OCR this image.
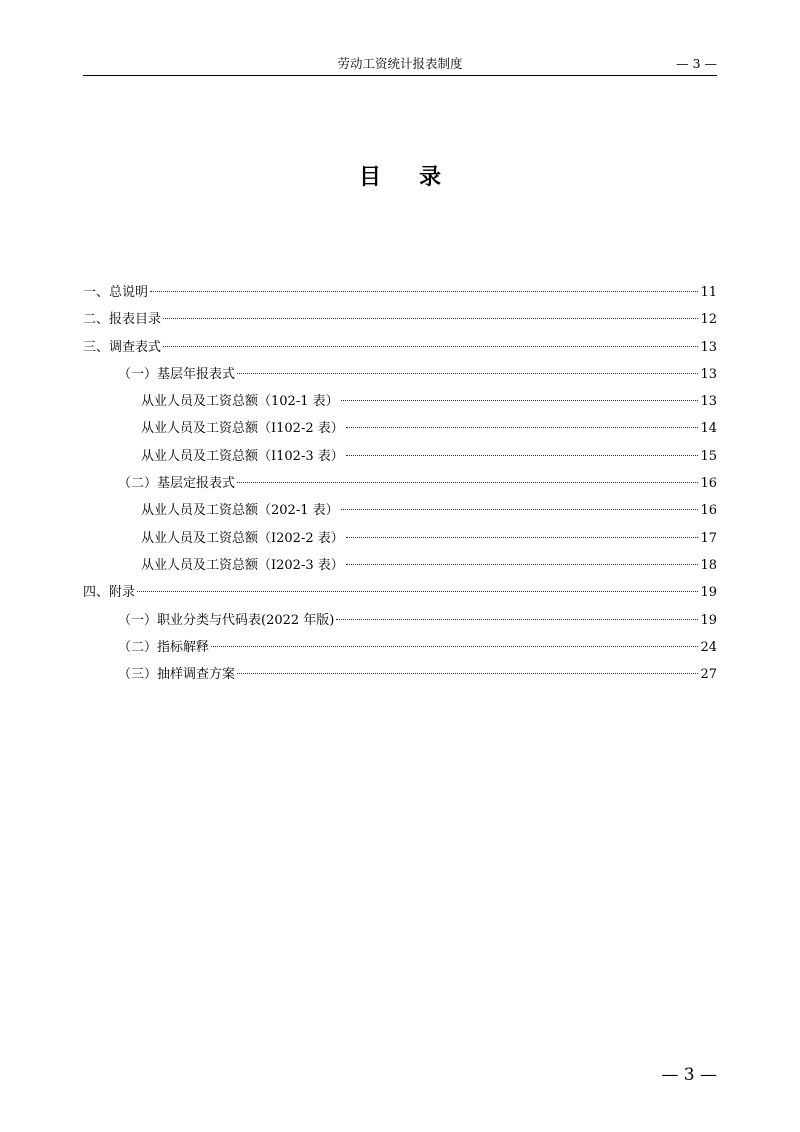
劳动工资统计报表制度	— 3 —
目录
一、总说明	11
二、报表目录	12
三、调查表式	13
（一）基层年报表式	13
从业人员及工资总额（102-1 表）	13
从业人员及工资总额（I102-2 表）	14
从业人员及工资总额（I102-3 表）	15
（二）基层定报表式	16
从业人员及工资总额（202-1 表）	16
从业人员及工资总额（I202-2 表）	17
从业人员及工资总额（I202-3 表）	18
四、附录	19
（一）职业分类与代码表(2022 年版)	19
（二）指标解释	24
（三）抽样调查方案	27
— 3 —
